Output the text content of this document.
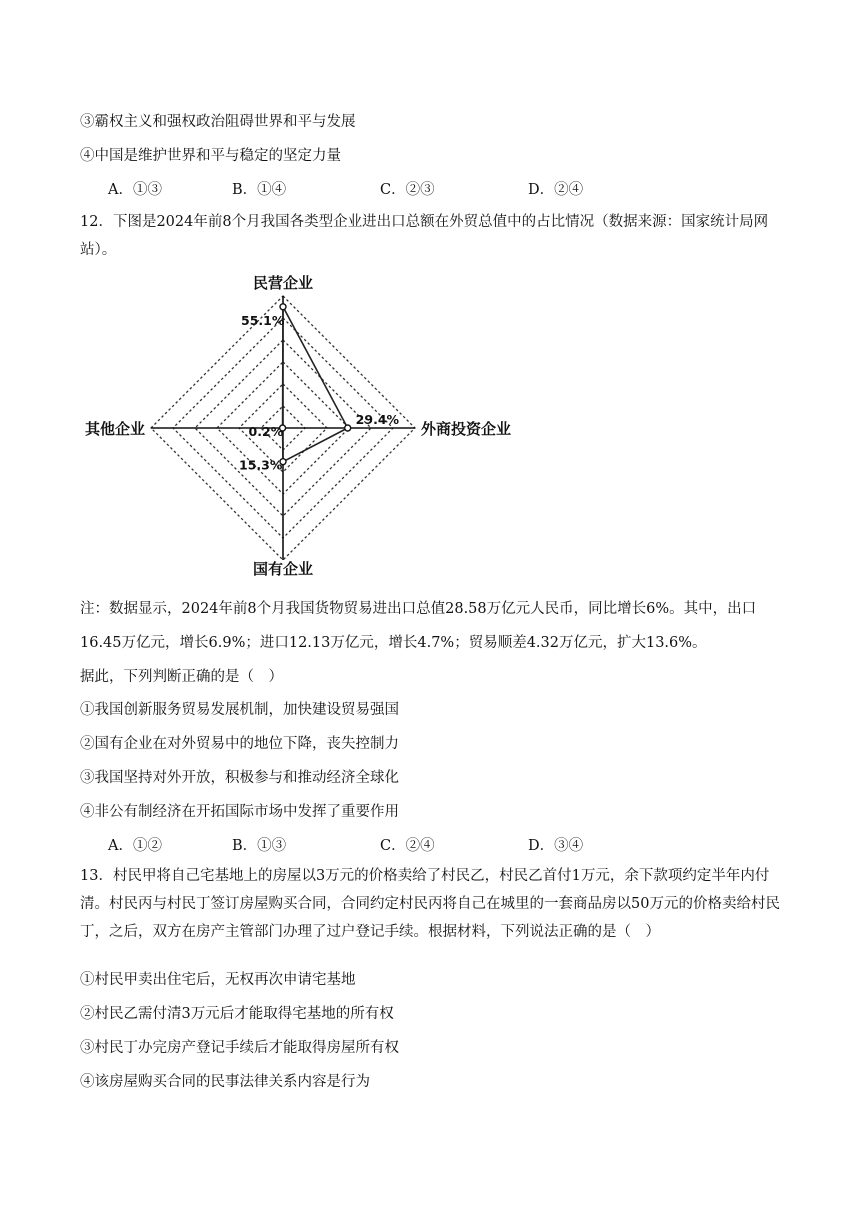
③霸权主义和强权政治阻碍世界和平与发展
④中国是维护世界和平与稳定的坚定力量
A．①③	B．①④	C．②③	D．②④
12．下图是2024年前8个月我国各类型企业进出口总额在外贸总值中的占比情况（数据来源：国家统计局网站）。
民营企业
外商投资企业
国有企业
其他企业
55.1%
29.4%
15.3%
0.2%
注：数据显示，2024年前8个月我国货物贸易进出口总值28.58万亿元人民币，同比增长6%。其中，出口
16.45万亿元，增长6.9%；进口12.13万亿元，增长4.7%；贸易顺差4.32万亿元，扩大13.6%。
据此，下列判断正确的是（　）
①我国创新服务贸易发展机制，加快建设贸易强国
②国有企业在对外贸易中的地位下降，丧失控制力
③我国坚持对外开放，积极参与和推动经济全球化
④非公有制经济在开拓国际市场中发挥了重要作用
A．①②	B．①③	C．②④	D．③④
13．村民甲将自己宅基地上的房屋以3万元的价格卖给了村民乙，村民乙首付1万元，余下款项约定半年内付清。村民丙与村民丁签订房屋购买合同，合同约定村民丙将自己在城里的一套商品房以50万元的价格卖给村民丁，之后，双方在房产主管部门办理了过户登记手续。根据材料，下列说法正确的是（　）
①村民甲卖出住宅后，无权再次申请宅基地
②村民乙需付清3万元后才能取得宅基地的所有权
③村民丁办完房产登记手续后才能取得房屋所有权
④该房屋购买合同的民事法律关系内容是行为
